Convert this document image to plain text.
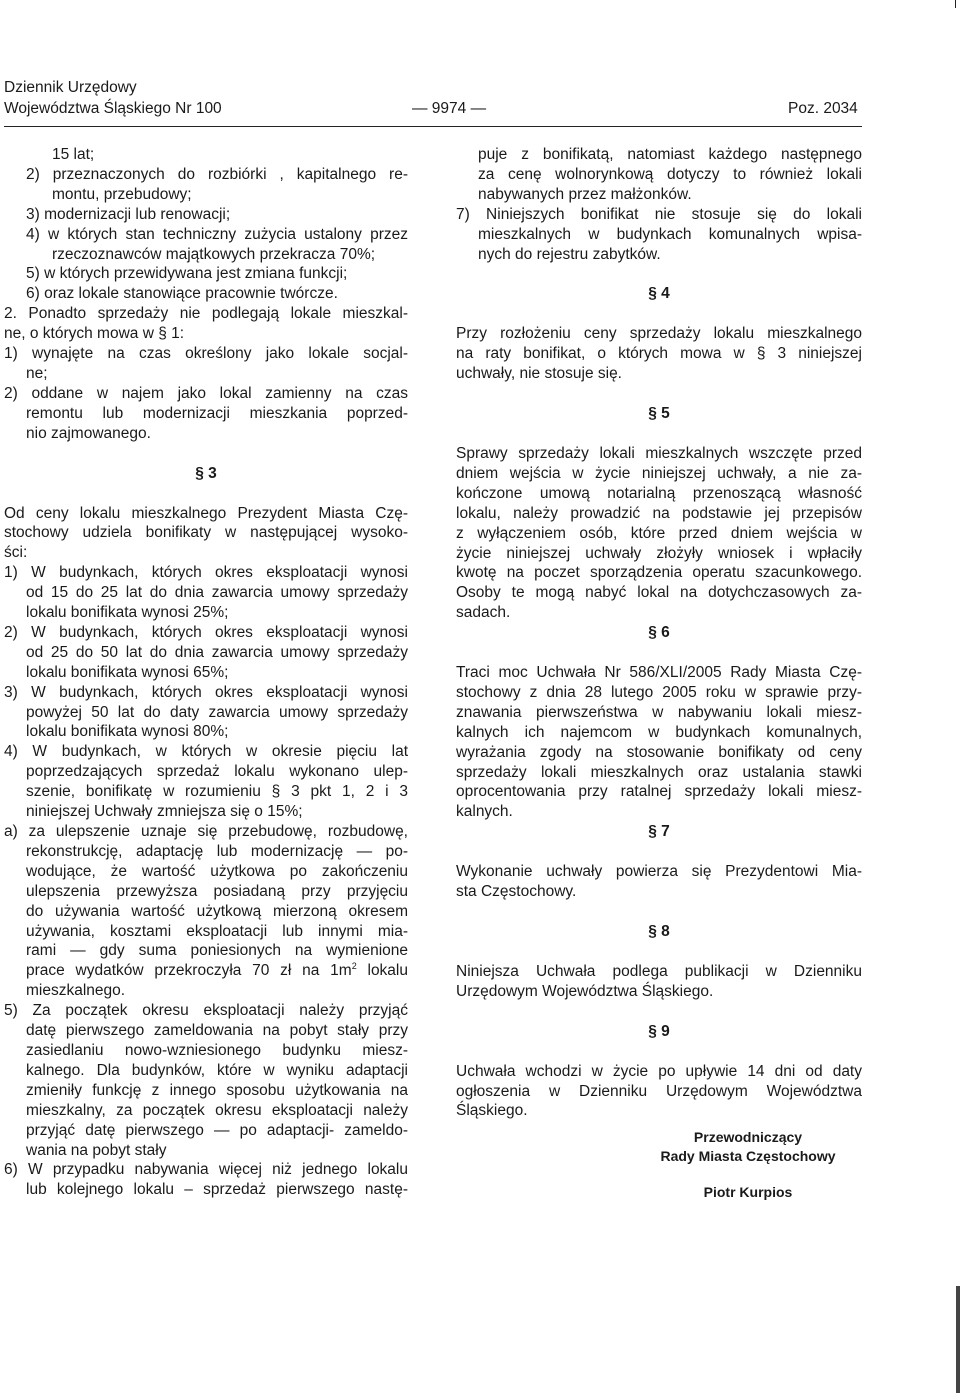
Dziennik Urzędowy
Województwa Śląskiego Nr 100	— 9974 —	Poz. 2034
15 lat;
2) przeznaczonych do rozbiórki , kapitalnego re-
montu, przebudowy;
3) modernizacji lub renowacji;
4) w których stan techniczny zużycia ustalony przez
rzeczoznawców majątkowych przekracza 70%;
5) w których przewidywana jest zmiana funkcji;
6) oraz lokale stanowiące pracownie twórcze.
2. Ponadto sprzedaży nie podlegają lokale mieszkal-
ne, o których mowa w § 1:
1) wynajęte na czas określony jako lokale socjal-
ne;
2) oddane w najem jako lokal zamienny na czas
remontu lub modernizacji mieszkania poprzed-
nio zajmowanego.
§ 3
Od ceny lokalu mieszkalnego Prezydent Miasta Czę-
stochowy udziela bonifikaty w następującej wysoko-
ści:
1) W budynkach, których okres eksploatacji wynosi
od 15 do 25 lat do dnia zawarcia umowy sprzedaży
lokalu bonifikata wynosi 25%;
2) W budynkach, których okres eksploatacji wynosi
od 25 do 50 lat do dnia zawarcia umowy sprzedaży
lokalu bonifikata wynosi 65%;
3) W budynkach, których okres eksploatacji wynosi
powyżej 50 lat do daty zawarcia umowy sprzedaży
lokalu bonifikata wynosi 80%;
4) W budynkach, w których w okresie pięciu lat
poprzedzających sprzedaż lokalu wykonano ulep-
szenie, bonifikatę w rozumieniu § 3 pkt 1, 2 i 3
niniejszej Uchwały zmniejsza się o 15%;
a) za ulepszenie uznaje się przebudowę, rozbudowę,
rekonstrukcję, adaptację lub modernizację — po-
wodujące, że wartość użytkowa po zakończeniu
ulepszenia przewyższa posiadaną przy przyjęciu
do używania wartość użytkową mierzoną okresem
używania, kosztami eksploatacji lub innymi mia-
rami — gdy suma poniesionych na wymienione
prace wydatków przekroczyła 70 zł na $1m^2$ lokalu
mieszkalnego.
5) Za początek okresu eksploatacji należy przyjąć
datę pierwszego zameldowania na pobyt stały przy
zasiedlaniu nowo-wzniesionego budynku miesz-
kalnego. Dla budynków, które w wyniku adaptacji
zmieniły funkcję z innego sposobu użytkowania na
mieszkalny, za początek okresu eksploatacji należy
przyjąć datę pierwszego — po adaptacji- zameldo-
wania na pobyt stały
6) W przypadku nabywania więcej niż jednego lokalu
lub kolejnego lokalu – sprzedaż pierwszego nastę-
puje z bonifikatą, natomiast każdego następnego
za cenę wolnorynkową dotyczy to również lokali
nabywanych przez małżonków.
7) Niniejszych bonifikat nie stosuje się do lokali
mieszkalnych w budynkach komunalnych wpisa-
nych do rejestru zabytków.
§ 4
Przy rozłożeniu ceny sprzedaży lokalu mieszkalnego
na raty bonifikat, o których mowa w § 3 niniejszej
uchwały, nie stosuje się.
§ 5
Sprawy sprzedaży lokali mieszkalnych wszczęte przed
dniem wejścia w życie niniejszej uchwały, a nie za-
kończone umową notarialną przenoszącą własność
lokalu, należy prowadzić na podstawie jej przepisów
z wyłączeniem osób, które przed dniem wejścia w
życie niniejszej uchwały złożyły wniosek i wpłaciły
kwotę na poczet sporządzenia operatu szacunkowego.
Osoby te mogą nabyć lokal na dotychczasowych za-
sadach.
§ 6
Traci moc Uchwała Nr 586/XLI/2005 Rady Miasta Czę-
stochowy z dnia 28 lutego 2005 roku w sprawie przy-
znawania pierwszeństwa w nabywaniu lokali miesz-
kalnych ich najemcom w budynkach komunalnych,
wyrażania zgody na stosowanie bonifikaty od ceny
sprzedaży lokali mieszkalnych oraz ustalania stawki
oprocentowania przy ratalnej sprzedaży lokali miesz-
kalnych.
§ 7
Wykonanie uchwały powierza się Prezydentowi Mia-
sta Częstochowy.
§ 8
Niniejsza Uchwała podlega publikacji w Dzienniku
Urzędowym Województwa Śląskiego.
§ 9
Uchwała wchodzi w życie po upływie 14 dni od daty
ogłoszenia w Dzienniku Urzędowym Województwa
Śląskiego.
Przewodniczący
Rady Miasta Częstochowy
Piotr Kurpios
